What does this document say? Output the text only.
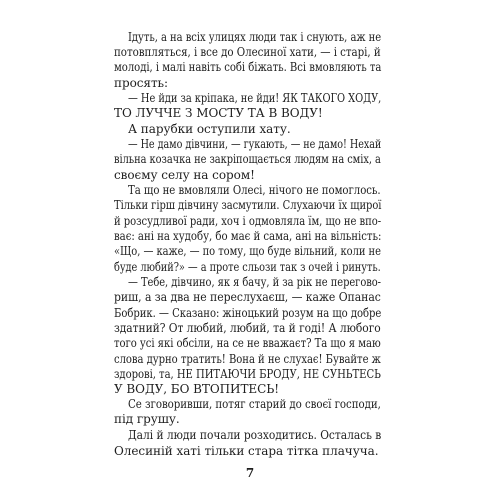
Ідуть, а на всіх улицях люди так і снують, аж не
потовпляться, і все до Олесиної хати, — і старі, й
молоді, і малі навіть собі біжать. Всі вмовляють та
просять:
— Не йди за кріпака, не йди! ЯК ТАКОГО ХОДУ,
ТО ЛУЧЧЕ З МОСТУ ТА В ВОДУ!
А парубки оступили хату.
— Не дамо дівчини, — гукають, — не дамо! Нехай
вільна козачка не закріпощається людям на сміх, а
своєму селу на сором!
Та що не вмовляли Олесі, нічого не помоглось.
Тільки гірш дівчину засмутили. Слухаючи їх щирої
й розсудливої ради, хоч і одмовляла їм, що не впо-
ває: ані на худобу, бо має й сама, ані на вільність:
«Що, — каже, — по тому, що буде вільний, коли не
буде любий?» — а проте сльози так з очей і ринуть.
— Тебе, дівчино, як я бачу, й за рік не перегово-
риш, а за два не переслухаєш, — каже Опанас
Бобрик. — Сказано: жіноцький розум на що добре
здатний? От любий, любий, та й годі! А любого
того усі які обсіли, на се не вважаєт? Та що я маю
слова дурно тратить! Вона й не слухає! Бувайте ж
здорові, та, НЕ ПИТАЮЧИ БРОДУ, НЕ СУНЬТЕСЬ
У ВОДУ, БО ВТОПИТЕСЬ!
Се зговоривши, потяг старий до своєї господи,
під грушу.
Далі й люди почали розходитись. Осталась в
Олесиній хаті тільки стара тітка плачуча.
7
